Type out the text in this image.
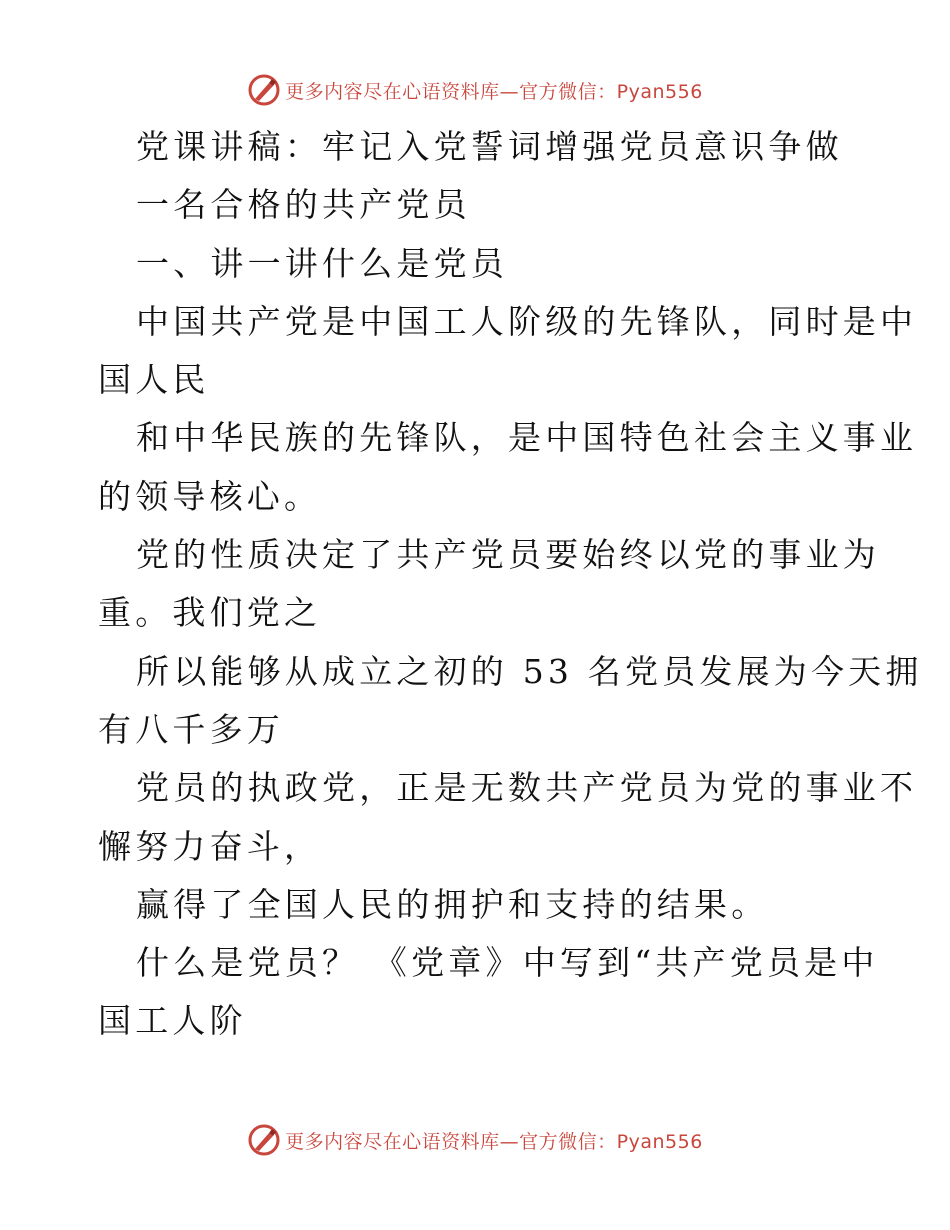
更多内容尽在心语资料库—官方微信：Pyan556
党课讲稿：牢记入党誓词增强党员意识争做
一名合格的共产党员
一、讲一讲什么是党员
中国共产党是中国工人阶级的先锋队，同时是中
国人民
和中华民族的先锋队，是中国特色社会主义事业
的领导核心。
党的性质决定了共产党员要始终以党的事业为
重。我们党之
所以能够从成立之初的 53 名党员发展为今天拥
有八千多万
党员的执政党，正是无数共产党员为党的事业不
懈努力奋斗，
赢得了全国人民的拥护和支持的结果。
什么是党员？ 《党章》中写到“共产党员是中
国工人阶
更多内容尽在心语资料库—官方微信：Pyan556
